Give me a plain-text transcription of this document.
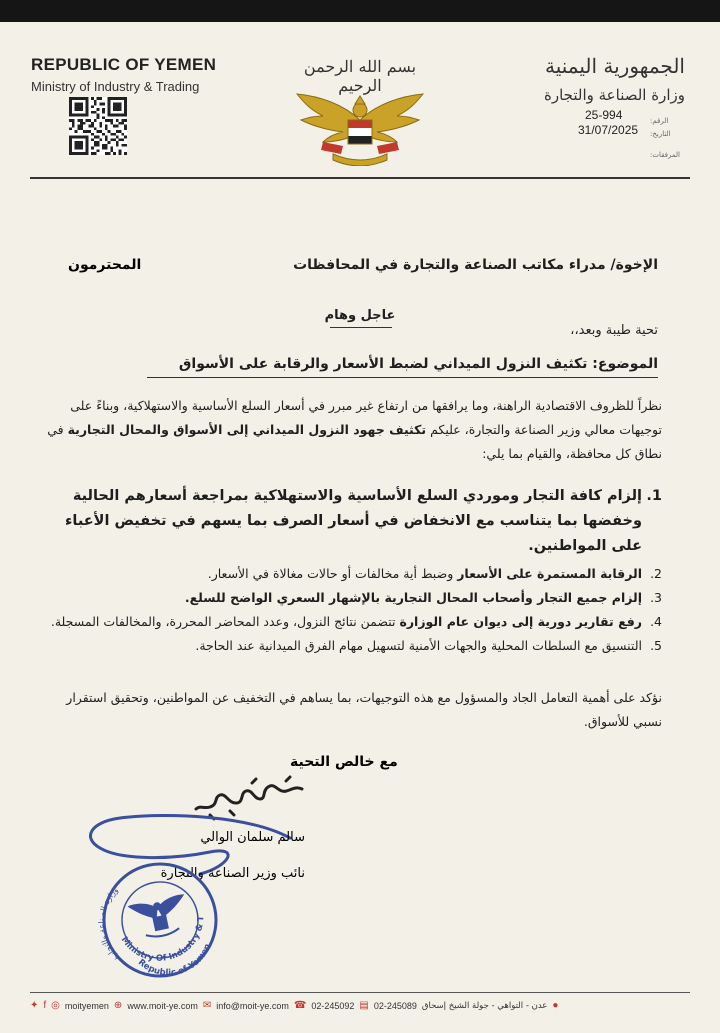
REPUBLIC OF YEMEN
Ministry of Industry & Trading
بسم الله الرحمن الرحيم
الجمهورية اليمنية
وزارة الصناعة والتجارة
25-994
31/07/2025
الرقم:
التاريخ:
المرفقات:
الإخوة/ مدراء مكاتب الصناعة والتجارة في المحافظات
المحترمون
عاجل وهام
تحية طيبة وبعد،،
الموضوع: تكثيف النزول الميداني لضبط الأسعار والرقابة على الأسواق
نظراً للظروف الاقتصادية الراهنة، وما يرافقها من ارتفاع غير مبرر في أسعار السلع الأساسية والاستهلاكية، وبناءً على توجيهات معالي وزير الصناعة والتجارة، عليكم تكثيف جهود النزول الميداني إلى الأسواق والمحال التجارية في نطاق كل محافظة، والقيام بما يلي:
1.
إلزام كافة التجار وموردي السلع الأساسية والاستهلاكية بمراجعة أسعارهم الحالية وخفضها بما يتناسب مع الانخفاض في أسعار الصرف بما يسهم في تخفيض الأعباء على المواطنين.
2.
الرقابة المستمرة على الأسعار وضبط أية مخالفات أو حالات مغالاة في الأسعار.
3.
إلزام جميع التجار وأصحاب المحال التجارية بالإشهار السعري الواضح للسلع.
4.
رفع تقارير دورية إلى ديوان عام الوزارة تتضمن نتائج النزول، وعدد المحاضر المحررة، والمخالفات المسجلة.
5.
التنسيق مع السلطات المحلية والجهات الأمنية لتسهيل مهام الفرق الميدانية عند الحاجة.
نؤكد على أهمية التعامل الجاد والمسؤول مع هذه التوجيهات، بما يساهم في التخفيف عن المواطنين، وتحقيق استقرار نسبي للأسواق.
مع خالص التحية
سالم سلمان الوالي
نائب وزير الصناعة والتجارة
Ministry Of Industry & Trade
Republic of Yemen
وزارة الصناعة والتجارة
✦ f ◎ moityemen ⊕ www.moit-ye.com ✉ info@moit-ye.com ☎ 02-245092 ▤ 02-245089 عدن - التواهي - جولة الشيخ إسحاق ●
